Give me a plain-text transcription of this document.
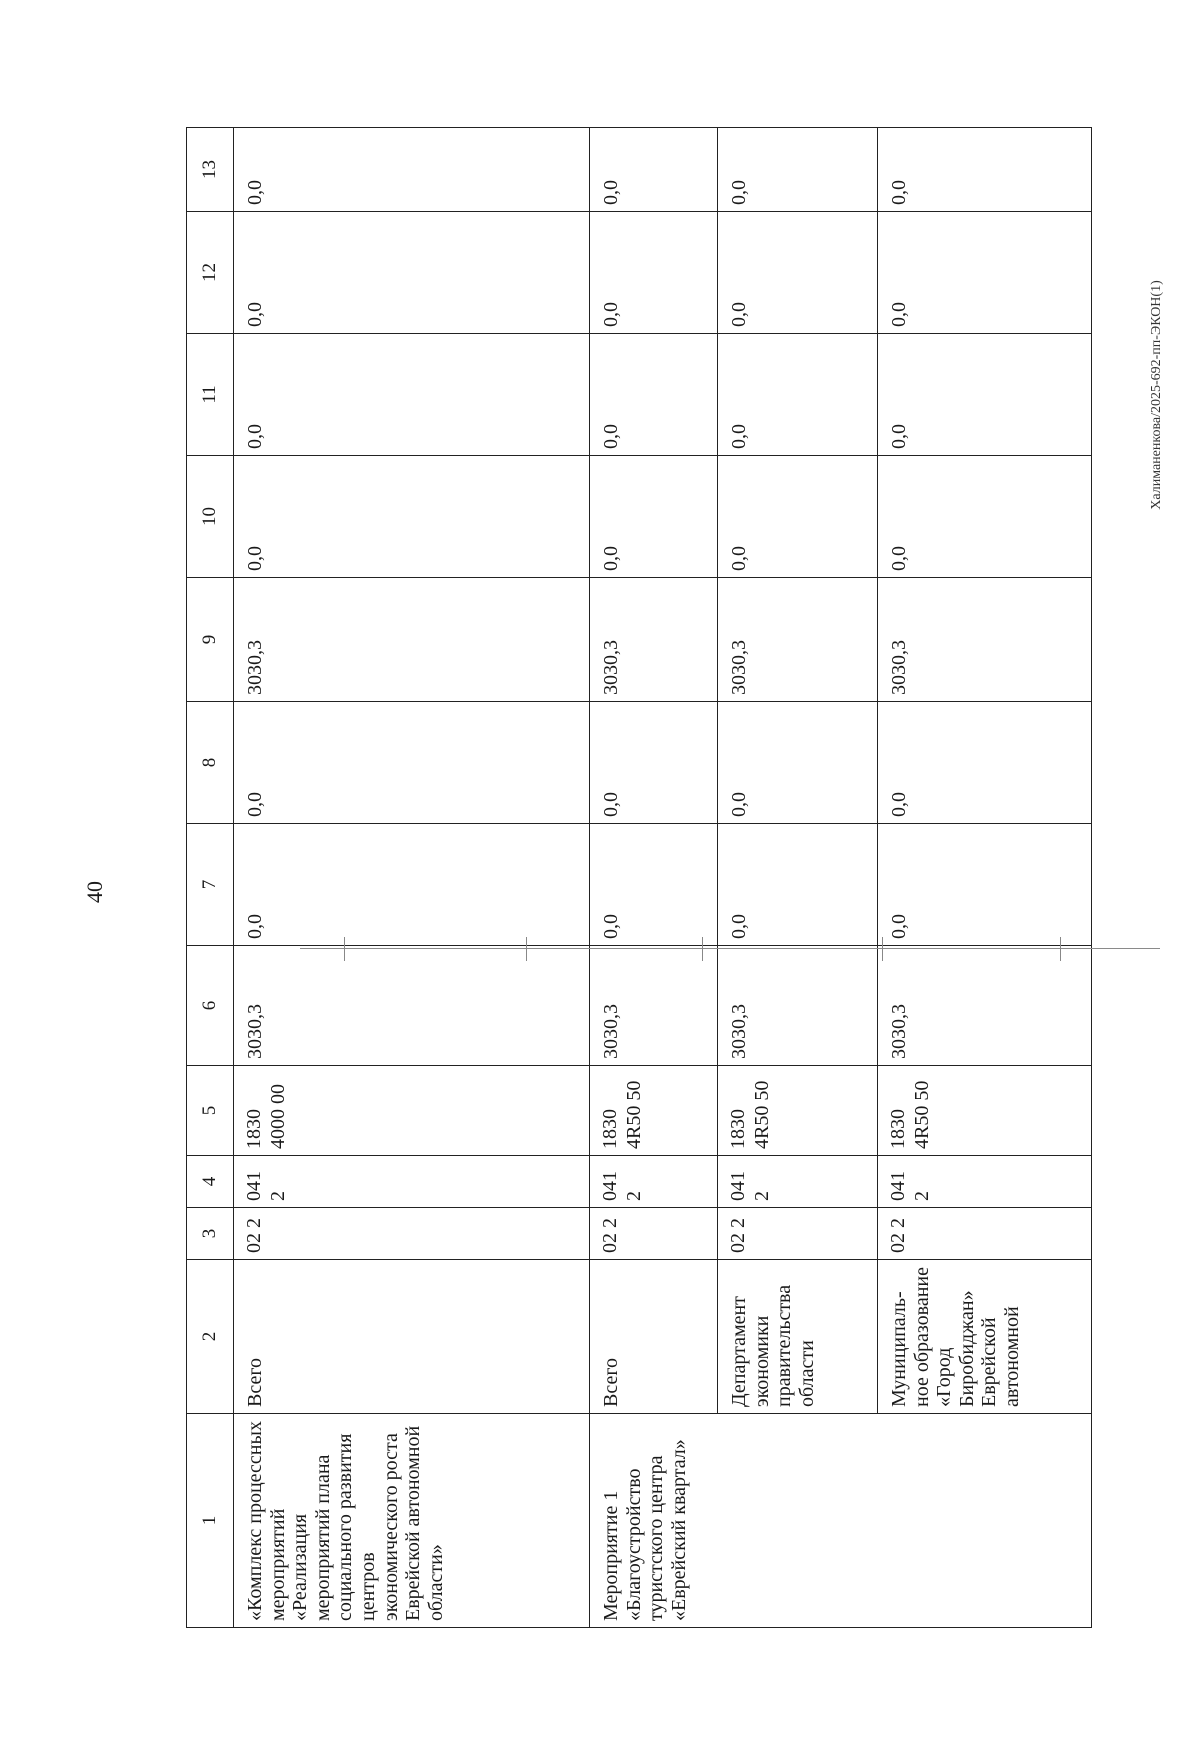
40
1	2	3	4	5	6	7	8	9	10	11	12	13
«Комплекс процессных мероприятий «Реализация мероприятий плана социального развития центров экономического роста Еврейской автономной области»	Всего	02 2	041 2	1830 4000 00	3030,3	0,0	0,0	3030,3	0,0	0,0	0,0	0,0
Мероприятие 1 «Благоустройство туристского центра «Еврейский квартал»	Всего	02 2	041 2	1830 4R50 50	3030,3	0,0	0,0	3030,3	0,0	0,0	0,0	0,0
	Департамент экономики правительства области	02 2	041 2	1830 4R50 50	3030,3	0,0	0,0	3030,3	0,0	0,0	0,0	0,0
	Муниципаль-ное образование «Город Биробиджан» Еврейской автономной	02 2	041 2	1830 4R50 50	3030,3	0,0	0,0	3030,3	0,0	0,0	0,0	0,0
Халиманенкова/2025-692-пп-ЭКОН(1)
